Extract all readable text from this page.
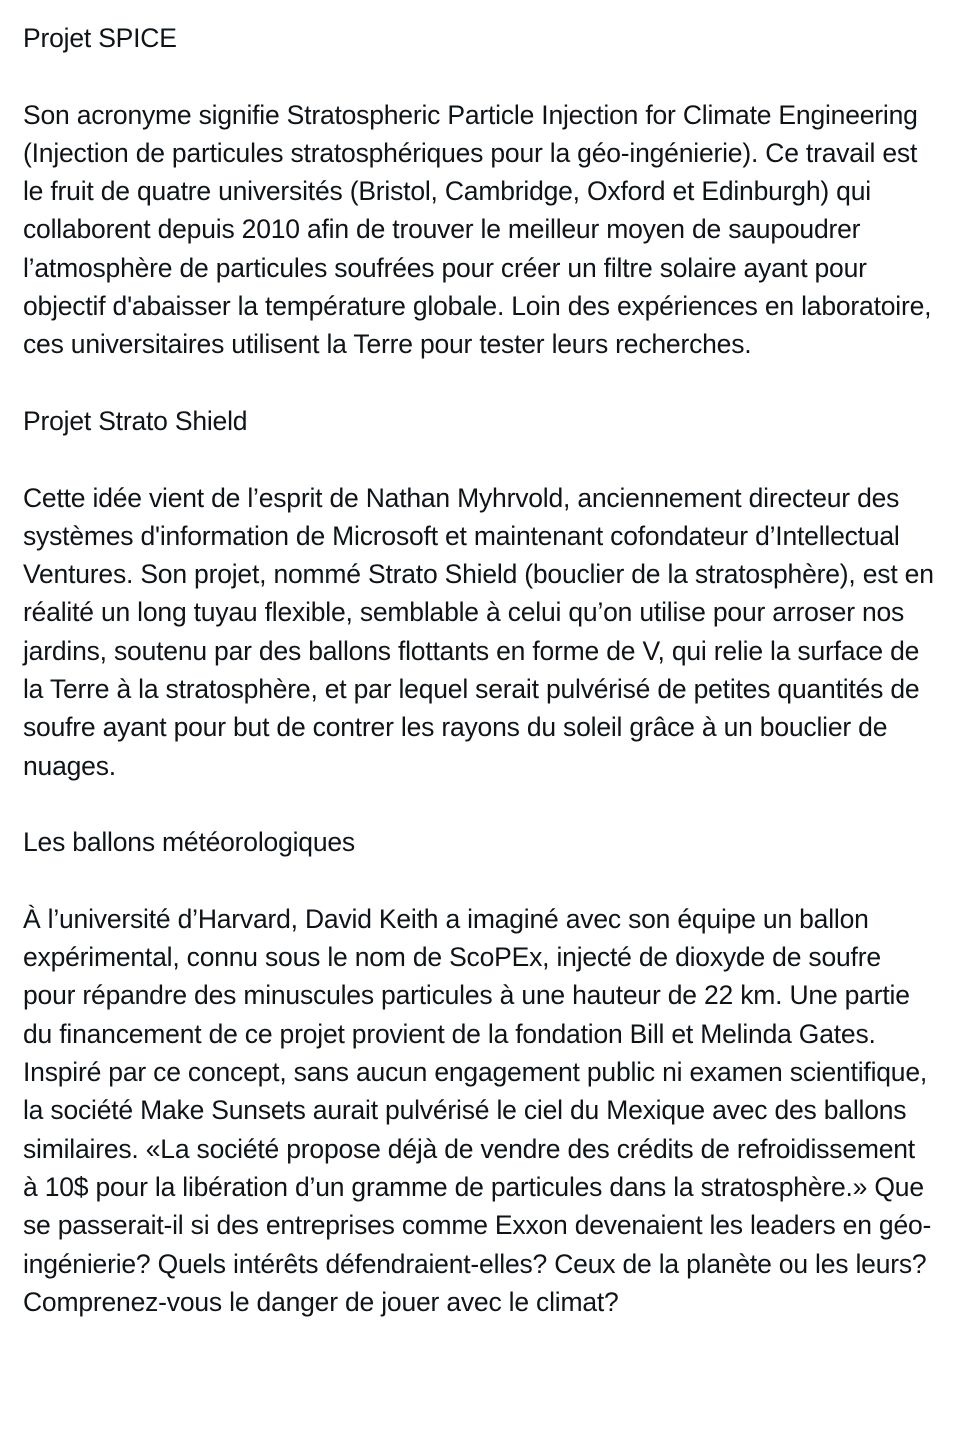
Projet SPICE

Son acronyme signifie Stratospheric Particle Injection for Climate Engineering (Injection de particules stratosphériques pour la géo-ingénierie). Ce travail est le fruit de quatre universités (Bristol, Cambridge, Oxford et Edinburgh) qui collaborent depuis 2010 afin de trouver le meilleur moyen de saupoudrer l’atmosphère de particules soufrées pour créer un filtre solaire ayant pour objectif d'abaisser la température globale. Loin des expériences en laboratoire, ces universitaires utilisent la Terre pour tester leurs recherches.

Projet Strato Shield

Cette idée vient de l’esprit de Nathan Myhrvold, anciennement directeur des systèmes d'information de Microsoft et maintenant cofondateur d’Intellectual Ventures. Son projet, nommé Strato Shield (bouclier de la stratosphère), est en réalité un long tuyau flexible, semblable à celui qu’on utilise pour arroser nos jardins, soutenu par des ballons flottants en forme de V, qui relie la surface de la Terre à la stratosphère, et par lequel serait pulvérisé de petites quantités de soufre ayant pour but de contrer les rayons du soleil grâce à un bouclier de nuages.

Les ballons météorologiques

À l’université d’Harvard, David Keith a imaginé avec son équipe un ballon expérimental, connu sous le nom de ScoPEx, injecté de dioxyde de soufre pour répandre des minuscules particules à une hauteur de 22 km. Une partie du financement de ce projet provient de la fondation Bill et Melinda Gates. Inspiré par ce concept, sans aucun engagement public ni examen scientifique, la société Make Sunsets aurait pulvérisé le ciel du Mexique avec des ballons similaires. «La société propose déjà de vendre des crédits de refroidissement à 10$ pour la libération d’un gramme de particules dans la stratosphère.» Que se passerait-il si des entreprises comme Exxon devenaient les leaders en géo-ingénierie? Quels intérêts défendraient-elles? Ceux de la planète ou les leurs? Comprenez-vous le danger de jouer avec le climat?
